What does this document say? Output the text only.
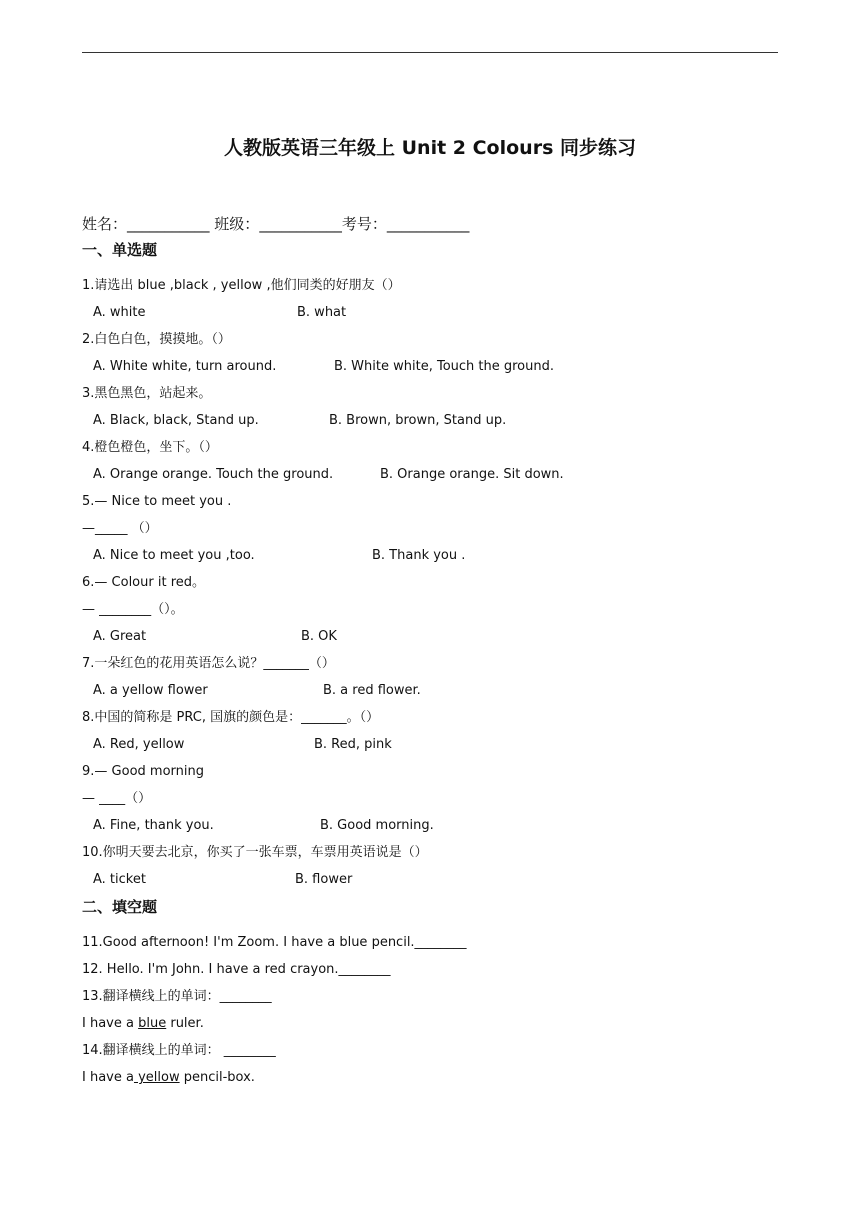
人教版英语三年级上 Unit 2 Colours 同步练习
姓名：___________ 班级：___________考号：___________
一、单选题
1.请选出 blue ,black , yellow ,他们同类的好朋友（）
A. white	B. what
2.白色白色，摸摸地。（）
A. White white, turn around.	B. White white, Touch the ground.
3.黑色黑色，站起来。
A. Black, black, Stand up.	B. Brown, brown, Stand up.
4.橙色橙色，坐下。（）
A. Orange orange. Touch the ground.	B. Orange orange. Sit down.
5.— Nice to meet you .
—_____ （）
A. Nice to meet you ,too.	B. Thank you .
6.— Colour it red。
— ________（）。
A. Great	B. OK
7.一朵红色的花用英语怎么说？_______（）
A. a yellow flower	B. a red flower.
8.中国的简称是 PRC, 国旗的颜色是：_______。（）
A. Red, yellow	B. Red, pink
9.— Good morning
— ____（）
A. Fine, thank you.	B. Good morning.
10.你明天要去北京，你买了一张车票，车票用英语说是（）
A. ticket	B. flower
二、填空题
11.Good afternoon! I'm Zoom. I have a blue pencil.________
12. Hello. I'm John. I have a red crayon.________
13.翻译横线上的单词：________
I have a blue ruler.
14.翻译横线上的单词： ________
I have a yellow pencil-box.
